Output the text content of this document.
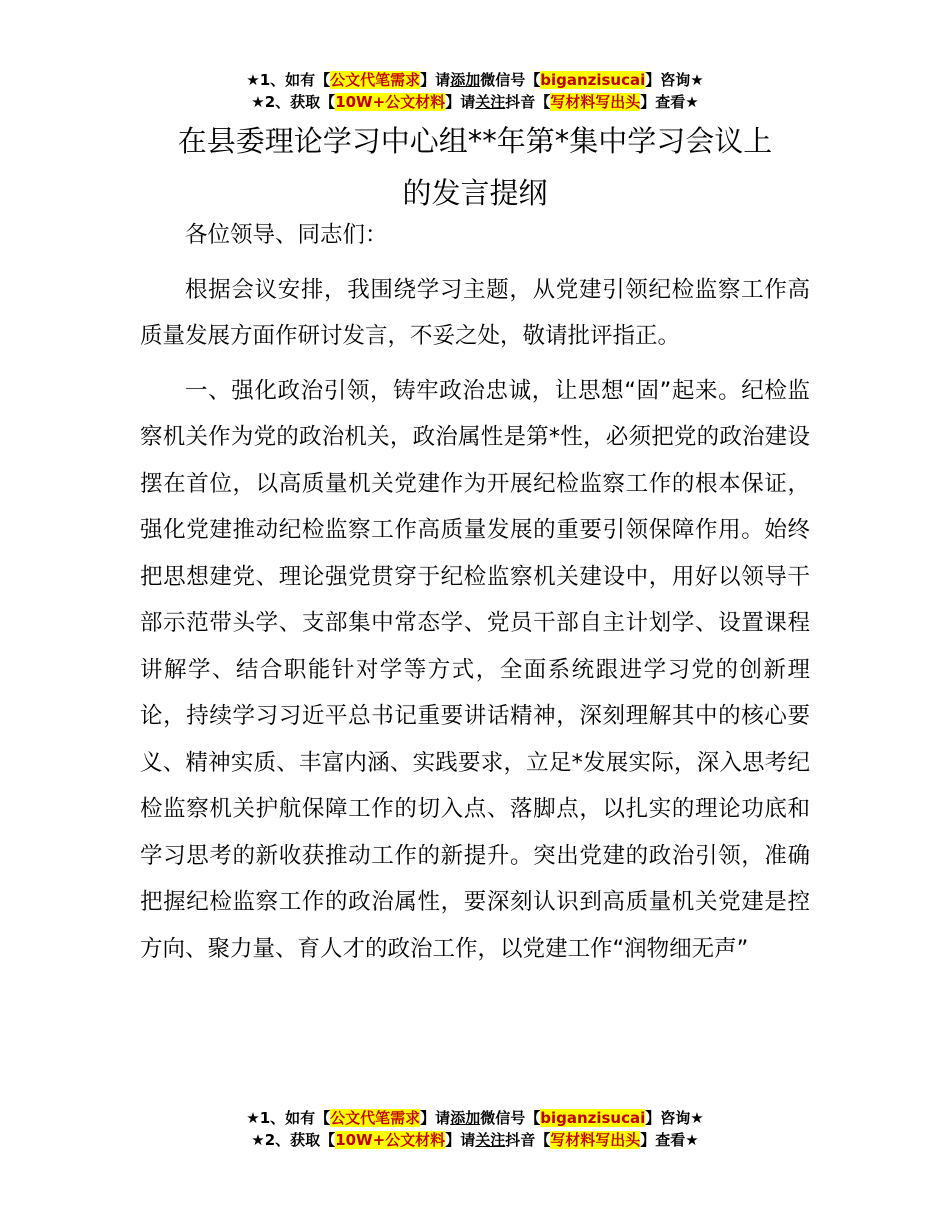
★1、如有【公文代笔需求】请添加微信号【biganzisucai】咨询★
★2、获取【10W+公文材料】请关注抖音【写材料写出头】查看★
在县委理论学习中心组**年第*集中学习会议上
的发言提纲

各位领导、同志们：

根据会议安排，我围绕学习主题，从党建引领纪检监察工作高质量发展方面作研讨发言，不妥之处，敬请批评指正。

一、强化政治引领，铸牢政治忠诚，让思想“固”起来。纪检监察机关作为党的政治机关，政治属性是第*性，必须把党的政治建设摆在首位，以高质量机关党建作为开展纪检监察工作的根本保证，强化党建推动纪检监察工作高质量发展的重要引领保障作用。始终把思想建党、理论强党贯穿于纪检监察机关建设中，用好以领导干部示范带头学、支部集中常态学、党员干部自主计划学、设置课程讲解学、结合职能针对学等方式，全面系统跟进学习党的创新理论，持续学习习近平总书记重要讲话精神，深刻理解其中的核心要义、精神实质、丰富内涵、实践要求，立足*发展实际，深入思考纪检监察机关护航保障工作的切入点、落脚点，以扎实的理论功底和学习思考的新收获推动工作的新提升。突出党建的政治引领，准确把握纪检监察工作的政治属性，要深刻认识到高质量机关党建是控方向、聚力量、育人才的政治工作，以党建工作“润物细无声”

★1、如有【公文代笔需求】请添加微信号【biganzisucai】咨询★
★2、获取【10W+公文材料】请关注抖音【写材料写出头】查看★
